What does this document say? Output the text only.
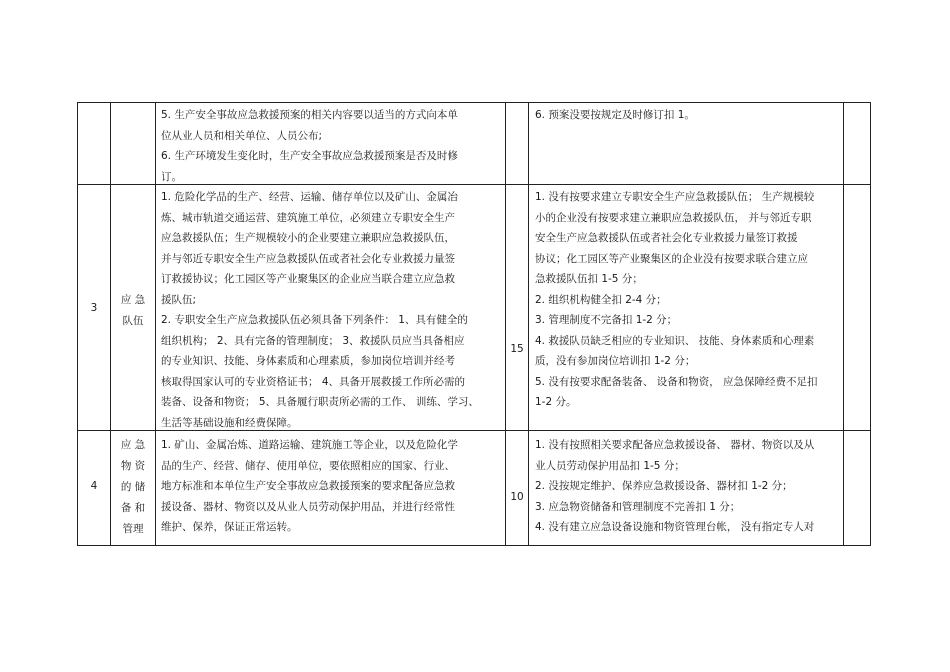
5. 生产安全事故应急救援预案的相关内容要以适当的方式向本单
位从业人员和相关单位、人员公布;
6. 生产环境发生变化时，生产安全事故应急救援预案是否及时修
订。
6. 预案没要按规定及时修订扣 1。
3
应 急
队伍
1. 危险化学品的生产、经营、运输、储存单位以及矿山、金属冶
炼、城市轨道交通运营、建筑施工单位，必须建立专职安全生产
应急救援队伍；生产规模较小的企业要建立兼职应急救援队伍，
并与邻近专职安全生产应急救援队伍或者社会化专业救援力量签
订救援协议；化工园区等产业聚集区的企业应当联合建立应急救
援队伍;
2. 专职安全生产应急救援队伍必须具备下列条件： 1、具有健全的
组织机构； 2、具有完备的管理制度； 3、救援队员应当具备相应
的专业知识、技能、身体素质和心理素质，参加岗位培训并经考
核取得国家认可的专业资格证书； 4、具备开展救援工作所必需的
装备、设备和物资； 5、具备履行职责所必需的工作、 训练、学习、
生活等基础设施和经费保障。
15
1. 没有按要求建立专职安全生产应急救援队伍； 生产规模较
小的企业没有按要求建立兼职应急救援队伍， 并与邻近专职
安全生产应急救援队伍或者社会化专业救援力量签订救援
协议；化工园区等产业聚集区的企业没有按要求联合建立应
急救援队伍扣 1-5 分；
2. 组织机构健全扣 2-4 分；
3. 管理制度不完备扣 1-2 分；
4. 救援队员缺乏相应的专业知识、 技能、身体素质和心理素
质，没有参加岗位培训扣 1-2 分；
5. 没有按要求配备装备、 设备和物资， 应急保障经费不足扣
1-2 分。
4
应 急
物 资
的 储
备 和
管理
1. 矿山、金属冶炼、道路运输、建筑施工等企业，以及危险化学
品的生产、经营、储存、使用单位，要依照相应的国家、行业、
地方标准和本单位生产安全事故应急救援预案的要求配备应急救
援设备、器材、物资以及从业人员劳动保护用品，并进行经常性
维护、保养，保证正常运转。
10
1. 没有按照相关要求配备应急救援设备、 器材、物资以及从
业人员劳动保护用品扣 1-5 分；
2. 没按规定维护、保养应急救援设备、器材扣 1-2 分；
3. 应急物资储备和管理制度不完善扣 1 分；
4. 没有建立应急设备设施和物资管理台帐， 没有指定专人对
